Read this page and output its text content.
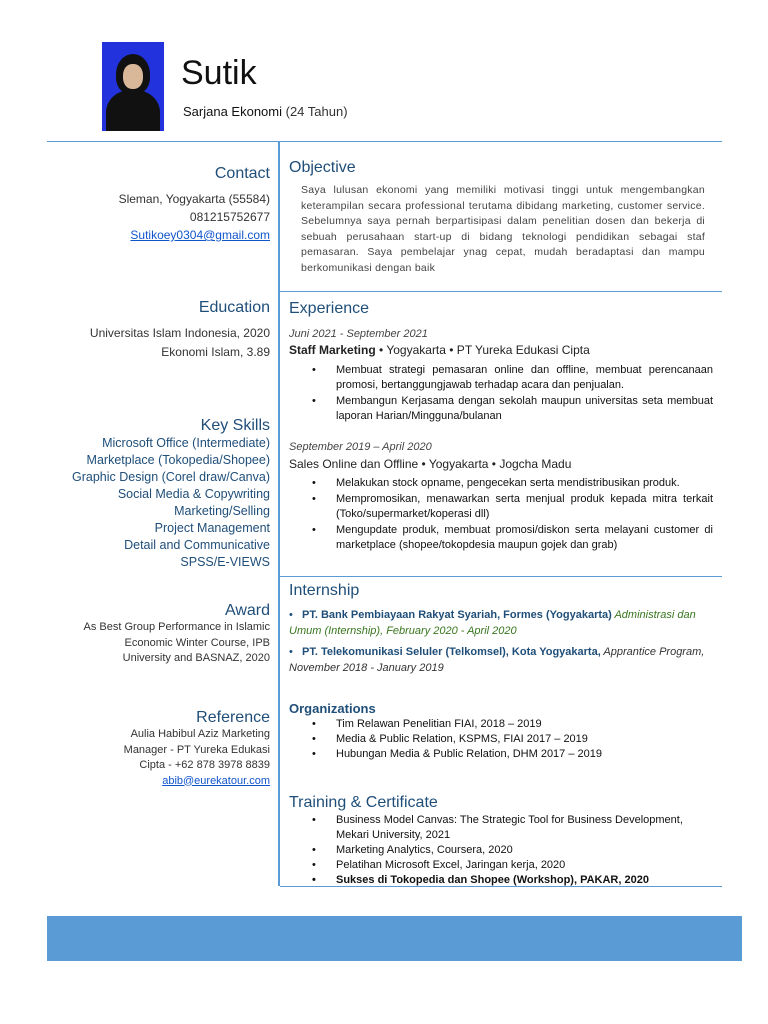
Sutik
Sarjana Ekonomi (24 Tahun)
Contact
Sleman, Yogyakarta (55584)
081215752677
Sutikoey0304@gmail.com
Education
Universitas Islam Indonesia, 2020
Ekonomi Islam, 3.89
Key Skills
Microsoft Office (Intermediate)
Marketplace (Tokopedia/Shopee)
Graphic Design (Corel draw/Canva)
Social Media & Copywriting
Marketing/Selling
Project Management
Detail and Communicative
SPSS/E-VIEWS
Award
As Best Group Performance in Islamic
Economic Winter Course, IPB
University and BASNAZ, 2020
Reference
Aulia Habibul Aziz Marketing
Manager - PT Yureka Edukasi
Cipta - +62 878 3978 8839
abib@eurekatour.com
Objective
Saya lulusan ekonomi yang memiliki motivasi tinggi untuk mengembangkan keterampilan secara professional terutama dibidang marketing, customer service. Sebelumnya saya pernah berpartisipasi dalam penelitian dosen dan bekerja di sebuah perusahaan start-up di bidang teknologi pendidikan sebagai staf pemasaran. Saya pembelajar ynag cepat, mudah beradaptasi dan mampu berkomunikasi dengan baik
Experience
Juni 2021 - September 2021
Staff Marketing • Yogyakarta • PT Yureka Edukasi Cipta
• Membuat strategi pemasaran online dan offline, membuat perencanaan promosi, bertanggungjawab terhadap acara dan penjualan.
• Membangun Kerjasama dengan sekolah maupun universitas seta membuat laporan Harian/Mingguna/bulanan
September 2019 – April 2020
Sales Online dan Offline • Yogyakarta • Jogcha Madu
• Melakukan stock opname, pengecekan serta mendistribusikan produk.
• Mempromosikan, menawarkan serta menjual produk kepada mitra terkait (Toko/supermarket/koperasi dll)
• Mengupdate produk, membuat promosi/diskon serta melayani customer di marketplace (shopee/tokopdesia maupun gojek dan grab)
Internship
• PT. Bank Pembiayaan Rakyat Syariah, Formes (Yogyakarta) Administrasi dan Umum (Internship), February 2020 - April 2020
• PT. Telekomunikasi Seluler (Telkomsel), Kota Yogyakarta, Apprantice Program, November 2018 - January 2019
Organizations
• Tim Relawan Penelitian FIAI, 2018 – 2019
• Media & Public Relation, KSPMS, FIAI 2017 – 2019
• Hubungan Media & Public Relation, DHM 2017 – 2019
Training & Certificate
• Business Model Canvas: The Strategic Tool for Business Development, Mekari University, 2021
• Marketing Analytics, Coursera, 2020
• Pelatihan Microsoft Excel, Jaringan kerja, 2020
• Sukses di Tokopedia dan Shopee (Workshop), PAKAR, 2020
